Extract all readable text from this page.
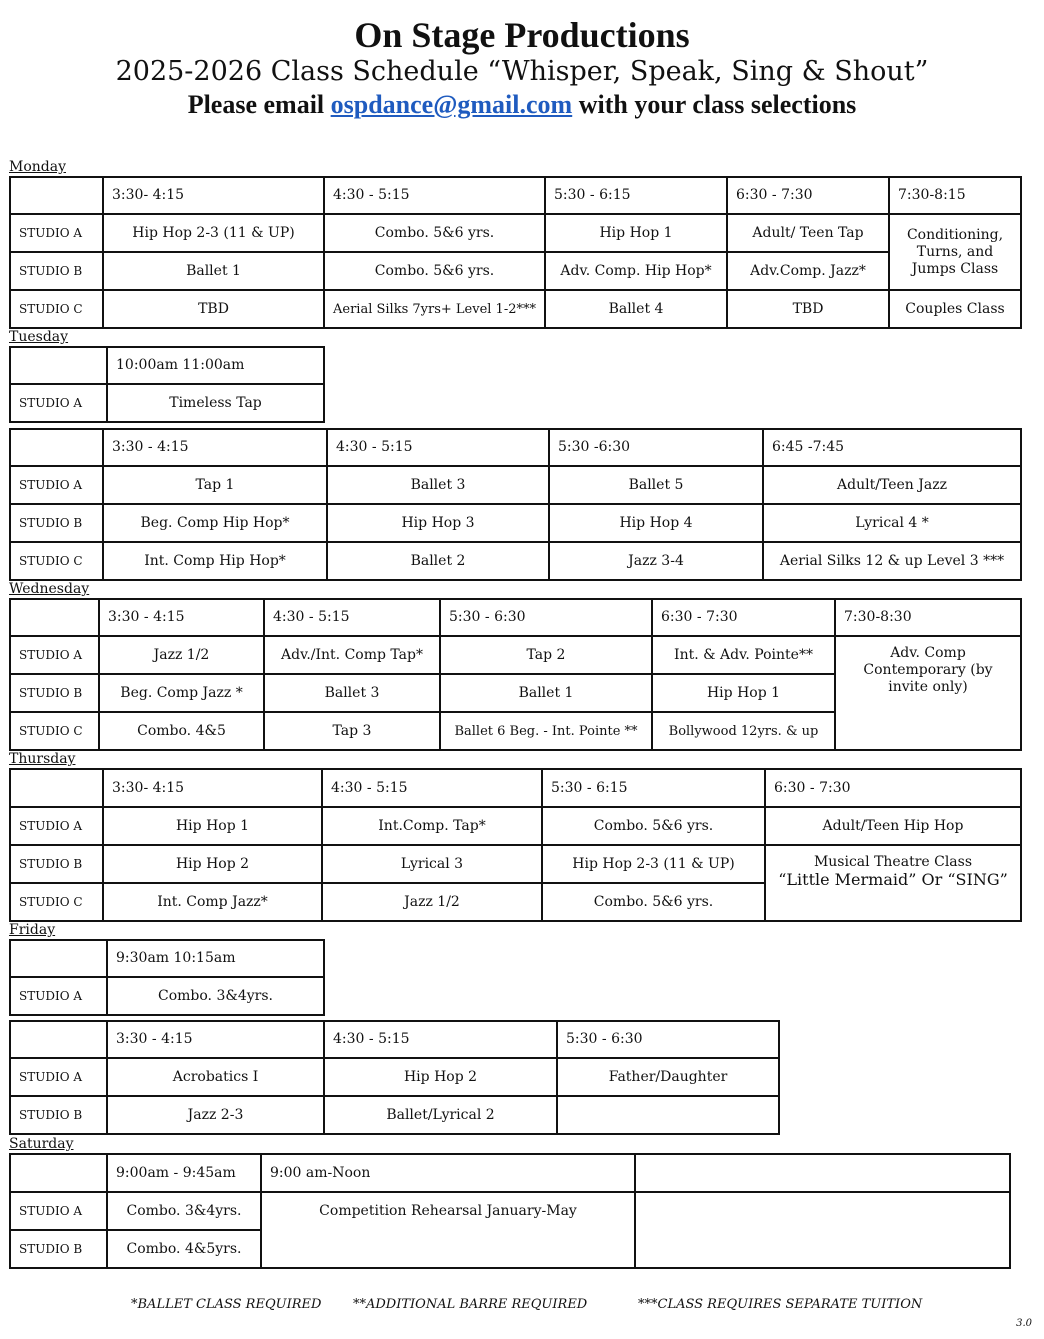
On Stage Productions
2025-2026 Class Schedule “Whisper, Speak, Sing & Shout”
Please email ospdance@gmail.com with your class selections
Monday
	3:30- 4:15	4:30 - 5:15	5:30 - 6:15	6:30 - 7:30	7:30-8:15
STUDIO A	Hip Hop 2-3 (11 & UP)	Combo. 5&6 yrs.	Hip Hop 1	Adult/ Teen Tap	Conditioning, Turns, and Jumps Class
STUDIO B	Ballet 1	Combo. 5&6 yrs.	Adv. Comp. Hip Hop*	Adv.Comp. Jazz*	
STUDIO C	TBD	Aerial Silks 7yrs+ Level 1-2***	Ballet 4	TBD	Couples Class
Tuesday
	10:00am 11:00am
STUDIO A	Timeless Tap
	3:30 - 4:15	4:30 - 5:15	5:30 -6:30	6:45 -7:45
STUDIO A	Tap 1	Ballet 3	Ballet 5	Adult/Teen Jazz
STUDIO B	Beg. Comp Hip Hop*	Hip Hop 3	Hip Hop 4	Lyrical 4 *
STUDIO C	Int. Comp Hip Hop*	Ballet 2	Jazz 3-4	Aerial Silks 12 & up Level 3 ***
Wednesday
	3:30 - 4:15	4:30 - 5:15	5:30 - 6:30	6:30 - 7:30	7:30-8:30
STUDIO A	Jazz 1/2	Adv./Int. Comp Tap*	Tap 2	Int. & Adv. Pointe**	Adv. Comp Contemporary (by invite only)
STUDIO B	Beg. Comp Jazz *	Ballet 3	Ballet 1	Hip Hop 1	
STUDIO C	Combo. 4&5	Tap 3	Ballet 6 Beg. - Int. Pointe **	Bollywood 12yrs. & up	
Thursday
	3:30- 4:15	4:30 - 5:15	5:30 - 6:15	6:30 - 7:30
STUDIO A	Hip Hop 1	Int.Comp. Tap*	Combo. 5&6 yrs.	Adult/Teen Hip Hop
STUDIO B	Hip Hop 2	Lyrical 3	Hip Hop 2-3 (11 & UP)	Musical Theatre Class
“Little Mermaid” Or “SING”

STUDIO C	Int. Comp Jazz*	Jazz 1/2	Combo. 5&6 yrs.	
Friday
	9:30am 10:15am
STUDIO A	Combo. 3&4yrs.
	3:30 - 4:15	4:30 - 5:15	5:30 - 6:30
STUDIO A	Acrobatics I	Hip Hop 2	Father/Daughter
STUDIO B	Jazz 2-3	Ballet/Lyrical 2	
Saturday
	9:00am - 9:45am	9:00 am-Noon	
STUDIO A	Combo. 3&4yrs.	Competition Rehearsal January-May	
STUDIO B	Combo. 4&5yrs.		
*BALLET CLASS REQUIRED **ADDITIONAL BARRE REQUIRED	***CLASS REQUIRES SEPARATE TUITION
3.0
